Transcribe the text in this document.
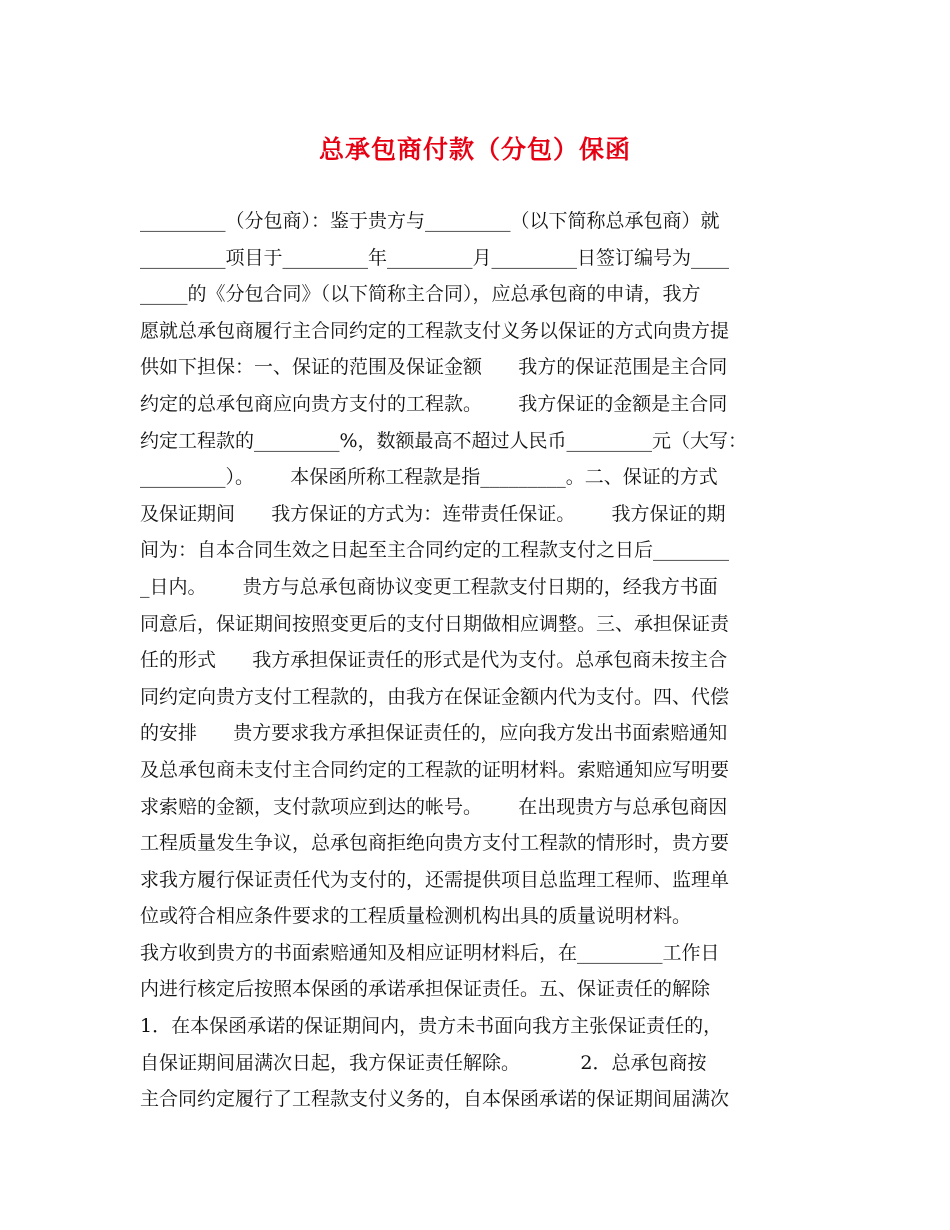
总承包商付款（分包）保函
_________（分包商）：鉴于贵方与_________（以下简称总承包商）就
_________项目于_________年_________月_________日签订编号为____
_____的《分包合同》（以下简称主合同），应总承包商的申请，我方
愿就总承包商履行主合同约定的工程款支付义务以保证的方式向贵方提
供如下担保：一、保证的范围及保证金额      我方的保证范围是主合同
约定的总承包商应向贵方支付的工程款。      我方保证的金额是主合同
约定工程款的_________%，数额最高不超过人民币_________元（大写：
_________）。      本保函所称工程款是指_________。二、保证的方式
及保证期间      我方保证的方式为：连带责任保证。      我方保证的期
间为：自本合同生效之日起至主合同约定的工程款支付之日后________
_日内。      贵方与总承包商协议变更工程款支付日期的，经我方书面
同意后，保证期间按照变更后的支付日期做相应调整。三、承担保证责
任的形式      我方承担保证责任的形式是代为支付。总承包商未按主合
同约定向贵方支付工程款的，由我方在保证金额内代为支付。四、代偿
的安排      贵方要求我方承担保证责任的，应向我方发出书面索赔通知
及总承包商未支付主合同约定的工程款的证明材料。索赔通知应写明要
求索赔的金额，支付款项应到达的帐号。      在出现贵方与总承包商因
工程质量发生争议，总承包商拒绝向贵方支付工程款的情形时，贵方要
求我方履行保证责任代为支付的，还需提供项目总监理工程师、监理单
位或符合相应条件要求的工程质量检测机构出具的质量说明材料。
我方收到贵方的书面索赔通知及相应证明材料后，在_________工作日
内进行核定后按照本保函的承诺承担保证责任。五、保证责任的解除
1．在本保函承诺的保证期间内，贵方未书面向我方主张保证责任的，
自保证期间届满次日起，我方保证责任解除。          2．总承包商按
主合同约定履行了工程款支付义务的，自本保函承诺的保证期间届满次
